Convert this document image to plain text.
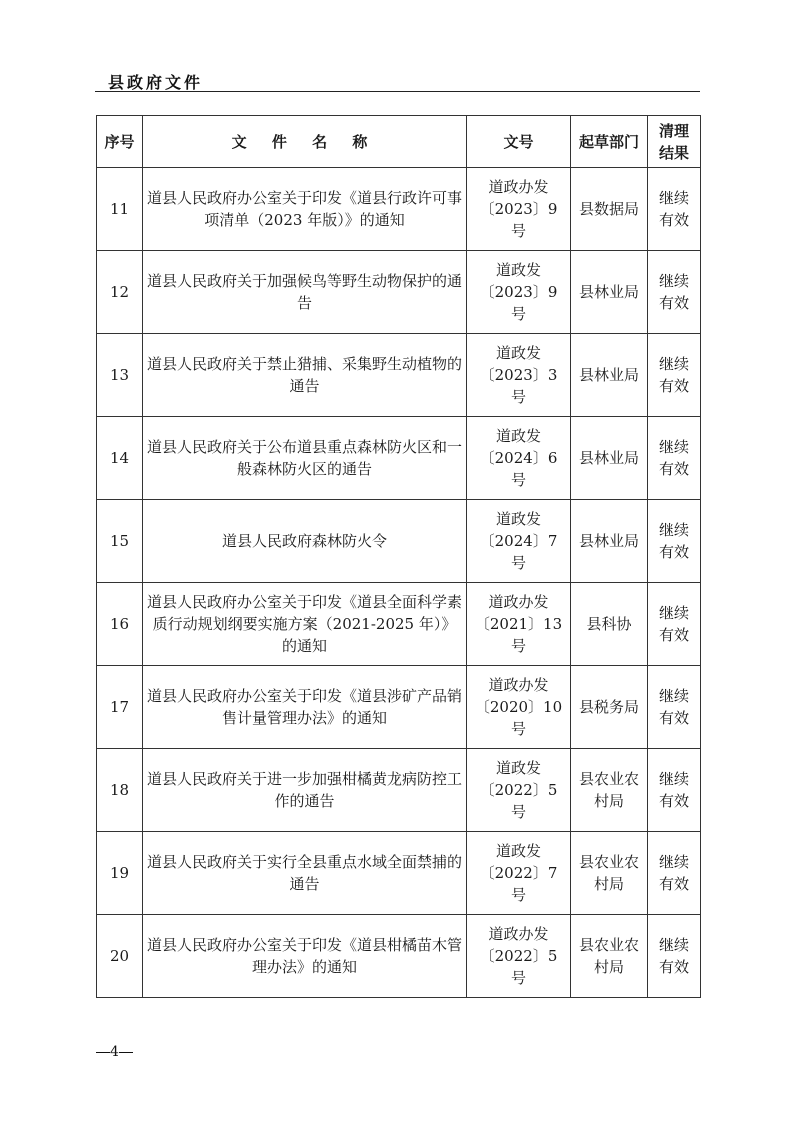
县政府文件
序号	文 件 名 称	文号	起草部门	清理结果
11	道县人民政府办公室关于印发《道县行政许可事项清单（2023 年版）》的通知	道政办发〔2023〕9 号	县数据局	继续有效
12	道县人民政府关于加强候鸟等野生动物保护的通告	道政发〔2023〕9 号	县林业局	继续有效
13	道县人民政府关于禁止猎捕、采集野生动植物的通告	道政发〔2023〕3 号	县林业局	继续有效
14	道县人民政府关于公布道县重点森林防火区和一般森林防火区的通告	道政发〔2024〕6 号	县林业局	继续有效
15	道县人民政府森林防火令	道政发〔2024〕7 号	县林业局	继续有效
16	道县人民政府办公室关于印发《道县全面科学素质行动规划纲要实施方案（2021-2025 年）》的通知	道政办发〔2021〕13 号	县科协	继续有效
17	道县人民政府办公室关于印发《道县涉矿产品销售计量管理办法》的通知	道政办发〔2020〕10 号	县税务局	继续有效
18	道县人民政府关于进一步加强柑橘黄龙病防控工作的通告	道政发〔2022〕5 号	县农业农村局	继续有效
19	道县人民政府关于实行全县重点水域全面禁捕的通告	道政发〔2022〕7 号	县农业农村局	继续有效
20	道县人民政府办公室关于印发《道县柑橘苗木管理办法》的通知	道政办发〔2022〕5 号	县农业农村局	继续有效
4
